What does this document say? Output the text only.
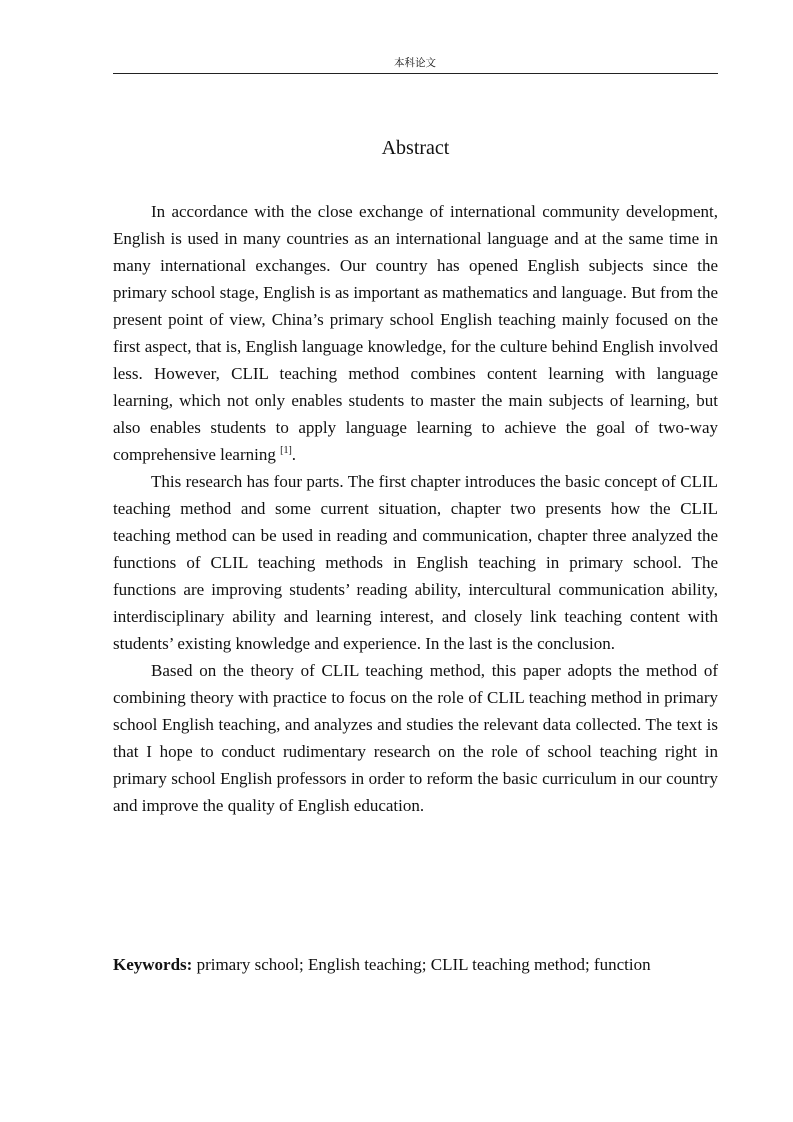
本科论文
Abstract

In accordance with the close exchange of international community development, English is used in many countries as an international language and at the same time in many international exchanges. Our country has opened English subjects since the primary school stage, English is as important as mathematics and language. But from the present point of view, China’s primary school English teaching mainly focused on the first aspect, that is, English language knowledge, for the culture behind English involved less. However, CLIL teaching method combines content learning with language learning, which not only enables students to master the main subjects of learning, but also enables students to apply language learning to achieve the goal of two-way comprehensive learning [1].

This research has four parts. The first chapter introduces the basic concept of CLIL teaching method and some current situation, chapter two presents how the CLIL teaching method can be used in reading and communication, chapter three analyzed the functions of CLIL teaching methods in English teaching in primary school. The functions are improving students’ reading ability, intercultural communication ability, interdisciplinary ability and learning interest, and closely link teaching content with students’ existing knowledge and experience. In the last is the conclusion.

Based on the theory of CLIL teaching method, this paper adopts the method of combining theory with practice to focus on the role of CLIL teaching method in primary school English teaching, and analyzes and studies the relevant data collected. The text is that I hope to conduct rudimentary research on the role of school teaching right in primary school English professors in order to reform the basic curriculum in our country and improve the quality of English education.

Keywords: primary school; English teaching; CLIL teaching method; function
